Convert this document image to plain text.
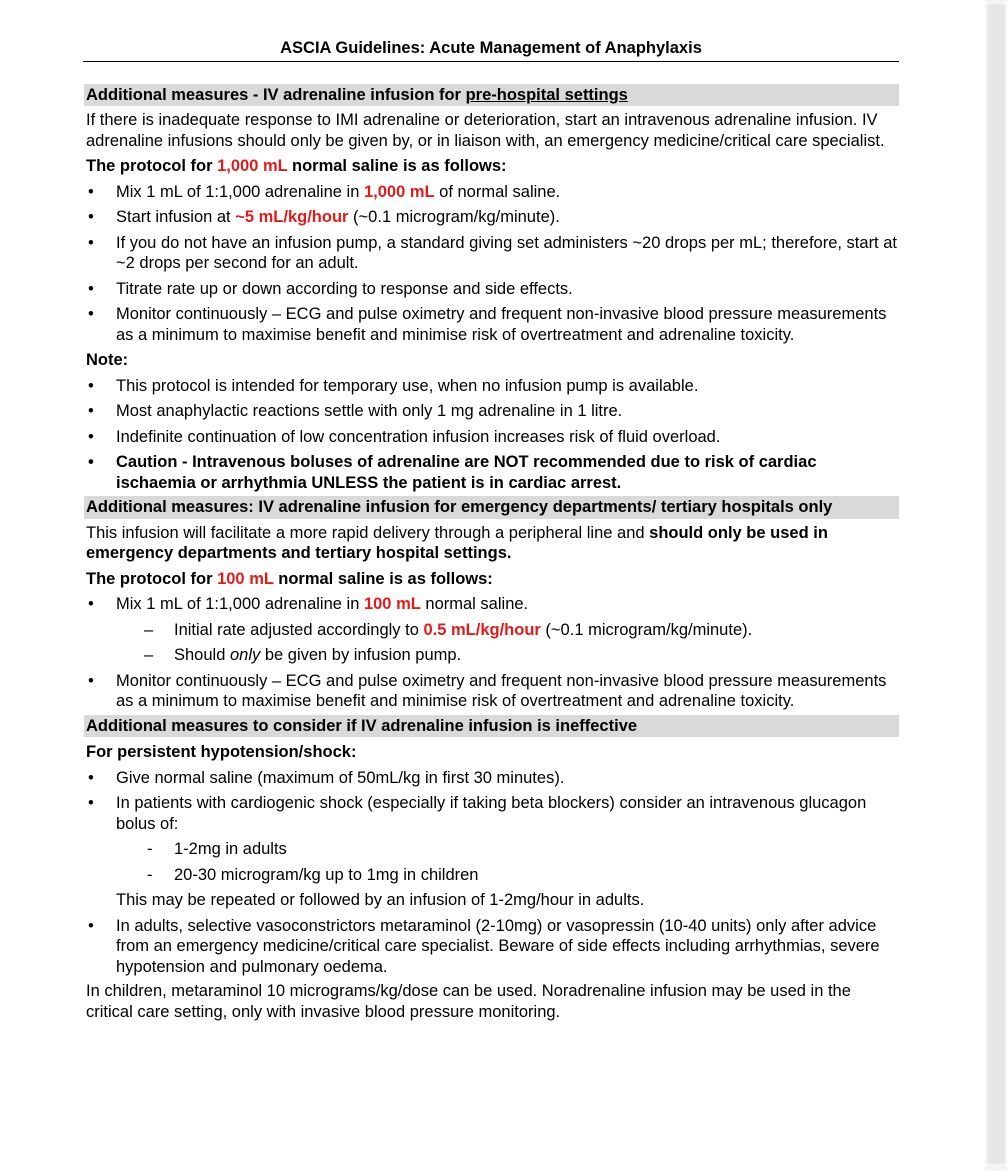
ASCIA Guidelines: Acute Management of Anaphylaxis
Additional measures - IV adrenaline infusion for pre-hospital settings
If there is inadequate response to IMI adrenaline or deterioration, start an intravenous adrenaline infusion. IV adrenaline infusions should only be given by, or in liaison with, an emergency medicine/critical care specialist.
The protocol for 1,000 mL normal saline is as follows:
• Mix 1 mL of 1:1,000 adrenaline in 1,000 mL of normal saline.
• Start infusion at ~5 mL/kg/hour (~0.1 microgram/kg/minute).
• If you do not have an infusion pump, a standard giving set administers ~20 drops per mL; therefore, start at ~2 drops per second for an adult.
• Titrate rate up or down according to response and side effects.
• Monitor continuously – ECG and pulse oximetry and frequent non-invasive blood pressure measurements as a minimum to maximise benefit and minimise risk of overtreatment and adrenaline toxicity.
Note:
• This protocol is intended for temporary use, when no infusion pump is available.
• Most anaphylactic reactions settle with only 1 mg adrenaline in 1 litre.
• Indefinite continuation of low concentration infusion increases risk of fluid overload.
• Caution - Intravenous boluses of adrenaline are NOT recommended due to risk of cardiac ischaemia or arrhythmia UNLESS the patient is in cardiac arrest.
Additional measures: IV adrenaline infusion for emergency departments/ tertiary hospitals only
This infusion will facilitate a more rapid delivery through a peripheral line and should only be used in emergency departments and tertiary hospital settings.
The protocol for 100 mL normal saline is as follows:
• Mix 1 mL of 1:1,000 adrenaline in 100 mL normal saline.
– Initial rate adjusted accordingly to 0.5 mL/kg/hour (~0.1 microgram/kg/minute).
– Should only be given by infusion pump.
• Monitor continuously – ECG and pulse oximetry and frequent non-invasive blood pressure measurements as a minimum to maximise benefit and minimise risk of overtreatment and adrenaline toxicity.
Additional measures to consider if IV adrenaline infusion is ineffective
For persistent hypotension/shock:
• Give normal saline (maximum of 50mL/kg in first 30 minutes).
• In patients with cardiogenic shock (especially if taking beta blockers) consider an intravenous glucagon bolus of:
- 1-2mg in adults
- 20-30 microgram/kg up to 1mg in children
This may be repeated or followed by an infusion of 1-2mg/hour in adults.
• In adults, selective vasoconstrictors metaraminol (2-10mg) or vasopressin (10-40 units) only after advice from an emergency medicine/critical care specialist. Beware of side effects including arrhythmias, severe hypotension and pulmonary oedema.
In children, metaraminol 10 micrograms/kg/dose can be used. Noradrenaline infusion may be used in the critical care setting, only with invasive blood pressure monitoring.
